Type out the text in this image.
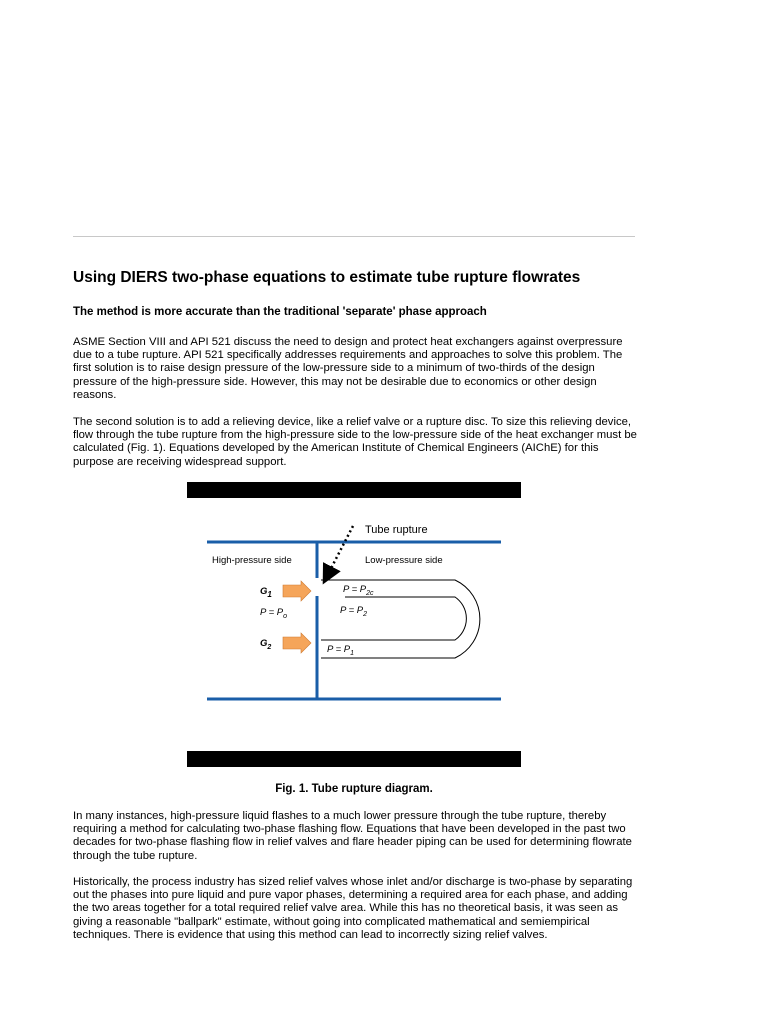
Using DIERS two-phase equations to estimate tube rupture flowrates

The method is more accurate than the traditional 'separate' phase approach

ASME Section VIII and API 521 discuss the need to design and protect heat exchangers against overpressure due to a tube rupture. API 521 specifically addresses requirements and approaches to solve this problem. The first solution is to raise design pressure of the low-pressure side to a minimum of two-thirds of the design pressure of the high-pressure side. However, this may not be desirable due to economics or other design reasons.

The second solution is to add a relieving device, like a relief valve or a rupture disc. To size this relieving device, flow through the tube rupture from the high-pressure side to the low-pressure side of the heat exchanger must be calculated (Fig. 1). Equations developed by the American Institute of Chemical Engineers (AIChE) for this purpose are receiving widespread support.

Tube rupture
High-pressure side	Low-pressure side
$G_1$
$P = P_o$
$G_2$
$P = P_{2c}$
$P = P_2$
$P = P_1$

Fig. 1. Tube rupture diagram.

In many instances, high-pressure liquid flashes to a much lower pressure through the tube rupture, thereby requiring a method for calculating two-phase flashing flow. Equations that have been developed in the past two decades for two-phase flashing flow in relief valves and flare header piping can be used for determining flowrate through the tube rupture.

Historically, the process industry has sized relief valves whose inlet and/or discharge is two-phase by separating out the phases into pure liquid and pure vapor phases, determining a required area for each phase, and adding the two areas together for a total required relief valve area. While this has no theoretical basis, it was seen as giving a reasonable "ballpark" estimate, without going into complicated mathematical and semiempirical techniques. There is evidence that using this method can lead to incorrectly sizing relief valves.
